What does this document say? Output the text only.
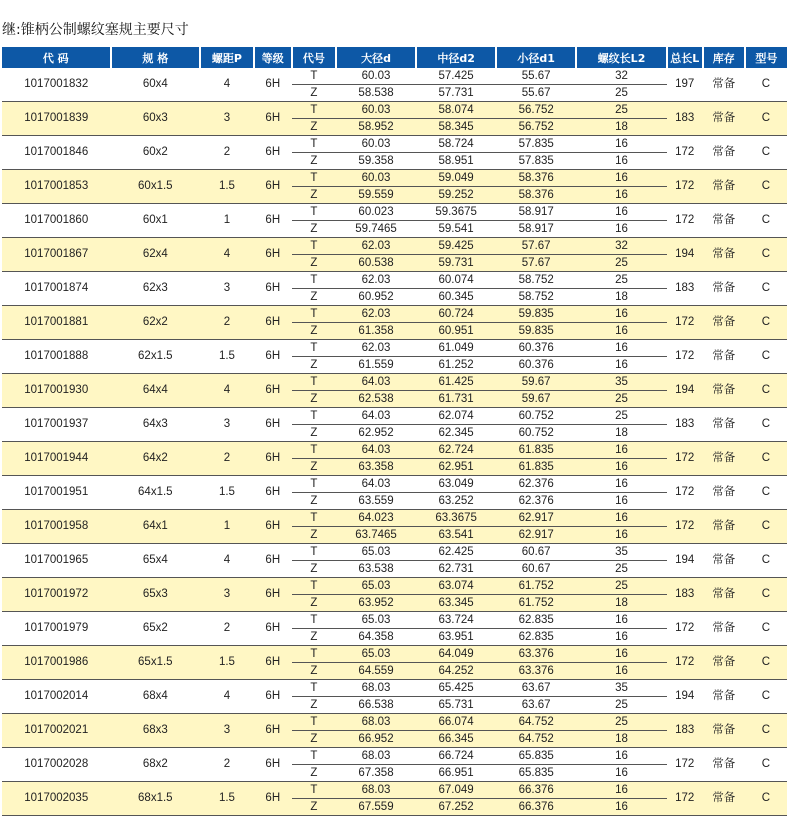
继:锥柄公制螺纹塞规主要尺寸
代 码	规 格	螺距P	等级	代号	大径d	中径d2	小径d1	螺纹长L2	总长L	库存	型号
1017001832	60x4	4	6H	T	60.03	57.425	55.67	32	197	常备	C
				Z	58.538	57.731	55.67	25			
1017001839	60x3	3	6H	T	60.03	58.074	56.752	25	183	常备	C
				Z	58.952	58.345	56.752	18			
1017001846	60x2	2	6H	T	60.03	58.724	57.835	16	172	常备	C
				Z	59.358	58.951	57.835	16			
1017001853	60x1.5	1.5	6H	T	60.03	59.049	58.376	16	172	常备	C
				Z	59.559	59.252	58.376	16			
1017001860	60x1	1	6H	T	60.023	59.3675	58.917	16	172	常备	C
				Z	59.7465	59.541	58.917	16			
1017001867	62x4	4	6H	T	62.03	59.425	57.67	32	194	常备	C
				Z	60.538	59.731	57.67	25			
1017001874	62x3	3	6H	T	62.03	60.074	58.752	25	183	常备	C
				Z	60.952	60.345	58.752	18			
1017001881	62x2	2	6H	T	62.03	60.724	59.835	16	172	常备	C
				Z	61.358	60.951	59.835	16			
1017001888	62x1.5	1.5	6H	T	62.03	61.049	60.376	16	172	常备	C
				Z	61.559	61.252	60.376	16			
1017001930	64x4	4	6H	T	64.03	61.425	59.67	35	194	常备	C
				Z	62.538	61.731	59.67	25			
1017001937	64x3	3	6H	T	64.03	62.074	60.752	25	183	常备	C
				Z	62.952	62.345	60.752	18			
1017001944	64x2	2	6H	T	64.03	62.724	61.835	16	172	常备	C
				Z	63.358	62.951	61.835	16			
1017001951	64x1.5	1.5	6H	T	64.03	63.049	62.376	16	172	常备	C
				Z	63.559	63.252	62.376	16			
1017001958	64x1	1	6H	T	64.023	63.3675	62.917	16	172	常备	C
				Z	63.7465	63.541	62.917	16			
1017001965	65x4	4	6H	T	65.03	62.425	60.67	35	194	常备	C
				Z	63.538	62.731	60.67	25			
1017001972	65x3	3	6H	T	65.03	63.074	61.752	25	183	常备	C
				Z	63.952	63.345	61.752	18			
1017001979	65x2	2	6H	T	65.03	63.724	62.835	16	172	常备	C
				Z	64.358	63.951	62.835	16			
1017001986	65x1.5	1.5	6H	T	65.03	64.049	63.376	16	172	常备	C
				Z	64.559	64.252	63.376	16			
1017002014	68x4	4	6H	T	68.03	65.425	63.67	35	194	常备	C
				Z	66.538	65.731	63.67	25			
1017002021	68x3	3	6H	T	68.03	66.074	64.752	25	183	常备	C
				Z	66.952	66.345	64.752	18			
1017002028	68x2	2	6H	T	68.03	66.724	65.835	16	172	常备	C
				Z	67.358	66.951	65.835	16			
1017002035	68x1.5	1.5	6H	T	68.03	67.049	66.376	16	172	常备	C
				Z	67.559	67.252	66.376	16			
